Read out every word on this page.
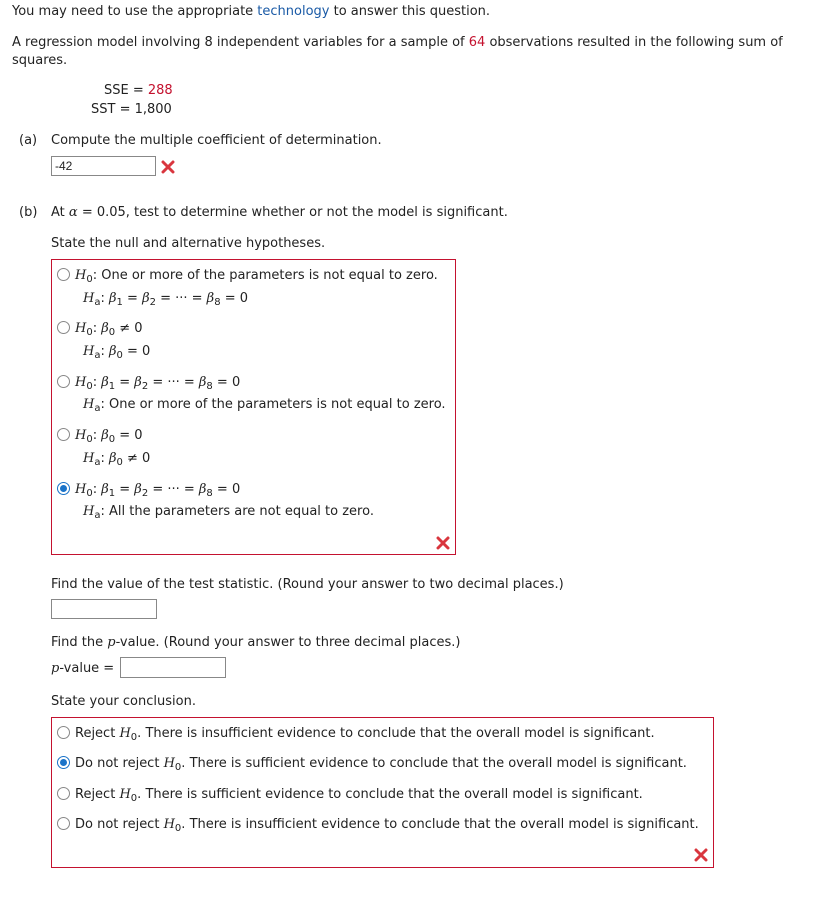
You may need to use the appropriate technology to answer this question.
A regression model involving 8 independent variables for a sample of 64 observations resulted in the following sum of
squares.
SSE = 288
SST = 1,800
(a) Compute the multiple coefficient of determination.
-42
(b) At α = 0.05, test to determine whether or not the model is significant.
State the null and alternative hypotheses.
$H_0$: One or more of the parameters is not equal to zero.
$H_a$: $\beta_1 = \beta_2$ = ··· = $\beta_8 = 0$
$H_0$: $\beta_0 \ne 0$
$H_a$: $\beta_0 = 0$
$H_0$: $\beta_1 = \beta_2$ = ··· = $\beta_8 = 0$
$H_a$: One or more of the parameters is not equal to zero.
$H_0$: $\beta_0 = 0$
$H_a$: $\beta_0 \ne 0$
$H_0$: $\beta_1 = \beta_2$ = ··· = $\beta_8 = 0$
$H_a$: All the parameters are not equal to zero.
Find the value of the test statistic. (Round your answer to two decimal places.)
Find the p-value. (Round your answer to three decimal places.)
p-value =
State your conclusion.
Reject $H_0$. There is insufficient evidence to conclude that the overall model is significant.
Do not reject $H_0$. There is sufficient evidence to conclude that the overall model is significant.
Reject $H_0$. There is sufficient evidence to conclude that the overall model is significant.
Do not reject $H_0$. There is insufficient evidence to conclude that the overall model is significant.
